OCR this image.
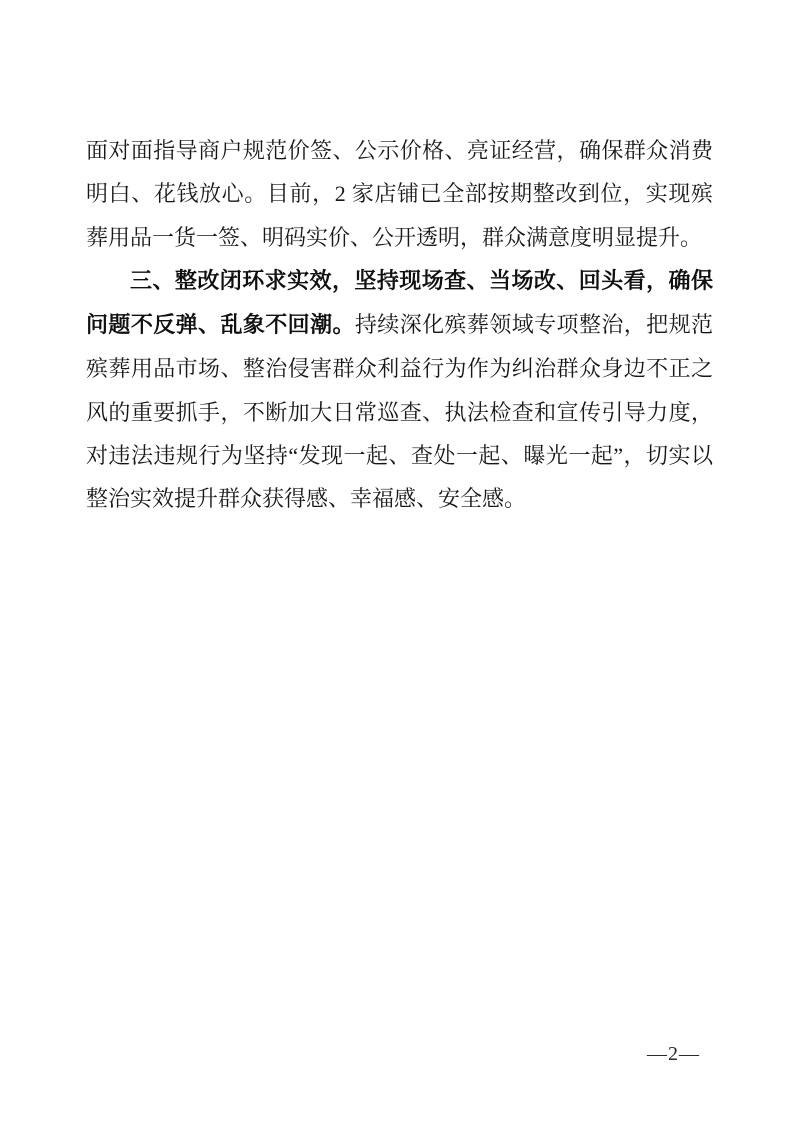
面对面指导商户规范价签、公示价格、亮证经营，确保群众消费明白、花钱放心。目前，2 家店铺已全部按期整改到位，实现殡葬用品一货一签、明码实价、公开透明，群众满意度明显提升。

三、整改闭环求实效，坚持现场查、当场改、回头看，确保问题不反弹、乱象不回潮。持续深化殡葬领域专项整治，把规范殡葬用品市场、整治侵害群众利益行为作为纠治群众身边不正之风的重要抓手，不断加大日常巡查、执法检查和宣传引导力度，对违法违规行为坚持“发现一起、查处一起、曝光一起”，切实以整治实效提升群众获得感、幸福感、安全感。

—2—
